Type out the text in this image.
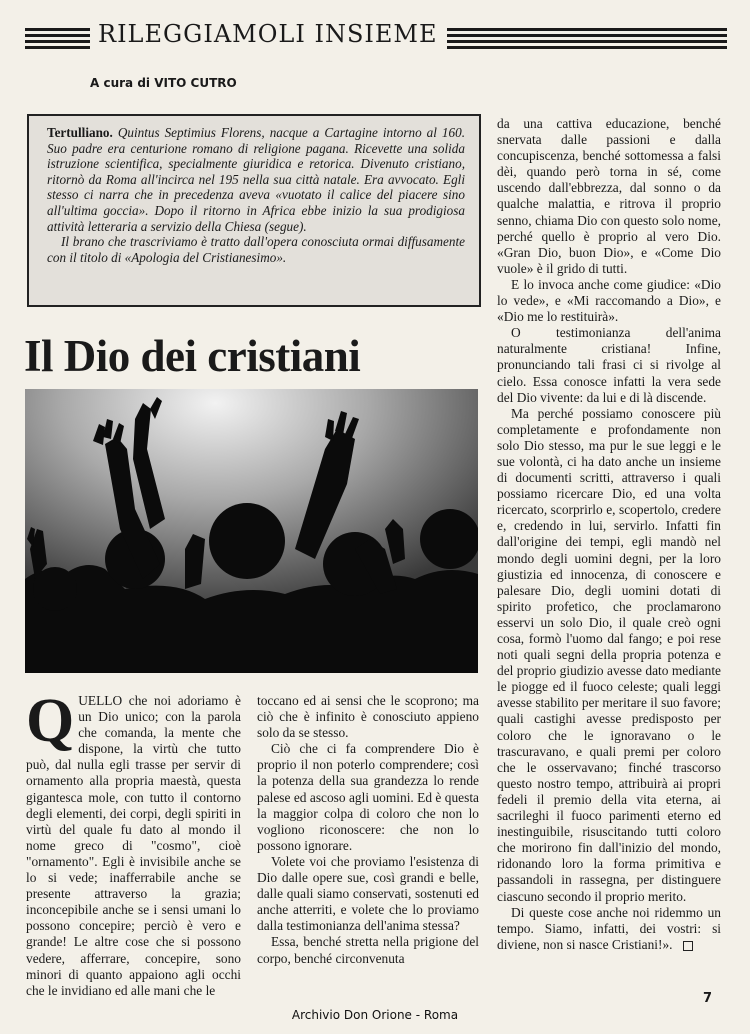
RILEGGIAMOLI INSIEME
A cura di VITO CUTRO

Tertulliano. Quintus Septimius Florens, nacque a Cartagine intorno al 160. Suo padre era centurione romano di religione pagana. Ricevette una solida istruzione scientifica, specialmente giuridica e retorica. Divenuto cristiano, ritornò da Roma all'incirca nel 195 nella sua città natale. Era avvocato. Egli stesso ci narra che in precedenza aveva «vuotato il calice del piacere sino all'ultima goccia». Dopo il ritorno in Africa ebbe inizio la sua prodigiosa attività letteraria a servizio della Chiesa (segue).

Il brano che trascriviamo è tratto dall'opera conosciuta ormai diffusamente con il titolo di «Apologia del Cristianesimo».

Il Dio dei cristiani

QUELLO che noi adoriamo è un Dio unico; con la parola che comanda, la mente che dispone, la virtù che tutto può, dal nulla egli trasse per servir di ornamento alla propria maestà, questa gigantesca mole, con tutto il contorno degli elementi, dei corpi, degli spiriti in virtù del quale fu dato al mondo il nome greco di "cosmo", cioè "ornamento". Egli è invisibile anche se lo si vede; inafferrabile anche se presente attraverso la grazia; inconcepibile anche se i sensi umani lo possono concepire; perciò è vero e grande! Le altre cose che si possono vedere, afferrare, concepire, sono minori di quanto appaiono agli occhi che le invidiano ed alle mani che le

toccano ed ai sensi che le scoprono; ma ciò che è infinito è conosciuto appieno solo da se stesso.

Ciò che ci fa comprendere Dio è proprio il non poterlo comprendere; così la potenza della sua grandezza lo rende palese ed ascoso agli uomini. Ed è questa la maggior colpa di coloro che non lo vogliono riconoscere: che non lo possono ignorare.

Volete voi che proviamo l'esistenza di Dio dalle opere sue, così grandi e belle, dalle quali siamo conservati, sostenuti ed anche atterriti, e volete che lo proviamo dalla testimonianza dell'anima stessa?

Essa, benché stretta nella prigione del corpo, benché circonvenuta

da una cattiva educazione, benché snervata dalle passioni e dalla concupiscenza, benché sottomessa a falsi dèi, quando però torna in sé, come uscendo dall'ebbrezza, dal sonno o da qualche malattia, e ritrova il proprio senno, chiama Dio con questo solo nome, perché quello è proprio al vero Dio. «Gran Dio, buon Dio», e «Come Dio vuole» è il grido di tutti.

E lo invoca anche come giudice: «Dio lo vede», e «Mi raccomando a Dio», e «Dio me lo restituirà».

O testimonianza dell'anima naturalmente cristiana! Infine, pronunciando tali frasi ci si rivolge al cielo. Essa conosce infatti la vera sede del Dio vivente: da lui e di là discende.

Ma perché possiamo conoscere più completamente e profondamente non solo Dio stesso, ma pur le sue leggi e le sue volontà, ci ha dato anche un insieme di documenti scritti, attraverso i quali possiamo ricercare Dio, ed una volta ricercato, scorprirlo e, scopertolo, credere e, credendo in lui, servirlo. Infatti fin dall'origine dei tempi, egli mandò nel mondo degli uomini degni, per la loro giustizia ed innocenza, di conoscere e palesare Dio, degli uomini dotati di spirito profetico, che proclamarono esservi un solo Dio, il quale creò ogni cosa, formò l'uomo dal fango; e poi rese noti quali segni della propria potenza e del proprio giudizio avesse dato mediante le piogge ed il fuoco celeste; quali leggi avesse stabilito per meritare il suo favore; quali castighi avesse predisposto per coloro che le ignoravano o le trascuravano, e quali premi per coloro che le osservavano; finché trascorso questo nostro tempo, attribuirà ai propri fedeli il premio della vita eterna, ai sacrileghi il fuoco parimenti eterno ed inestinguibile, risuscitando tutti coloro che morirono fin dall'inizio del mondo, ridonando loro la forma primitiva e passandoli in rassegna, per distinguere ciascuno secondo il proprio merito.

Di queste cose anche noi ridemmo un tempo. Siamo, infatti, dei vostri: si diviene, non si nasce Cristiani!».

7
Archivio Don Orione - Roma
